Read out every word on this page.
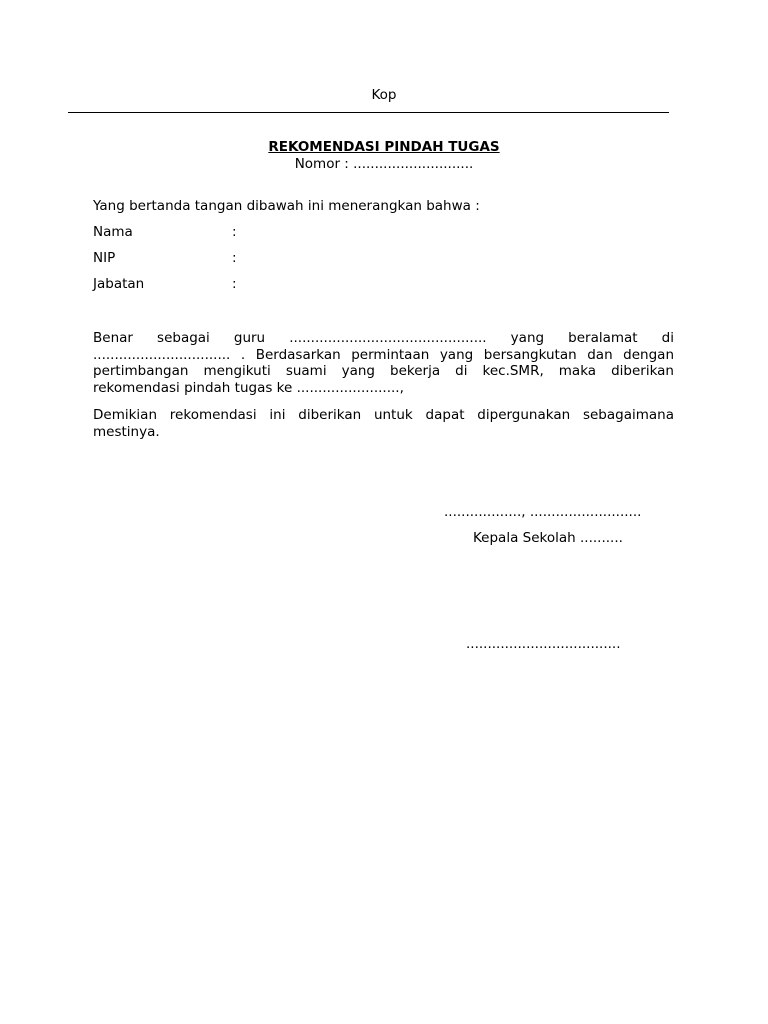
Kop
REKOMENDASI PINDAH TUGAS
Nomor : ............................
Yang bertanda tangan dibawah ini menerangkan bahwa :
Nama	:
NIP	:
Jabatan	:
Benar sebagai guru .............................................. yang beralamat di ................................ . Berdasarkan permintaan yang bersangkutan dan dengan pertimbangan mengikuti suami yang bekerja di kec.SMR, maka diberikan rekomendasi pindah tugas ke ........................,
Demikian rekomendasi ini diberikan untuk dapat dipergunakan sebagaimana mestinya.
.................., ..........................
Kepala Sekolah ..........
....................................
